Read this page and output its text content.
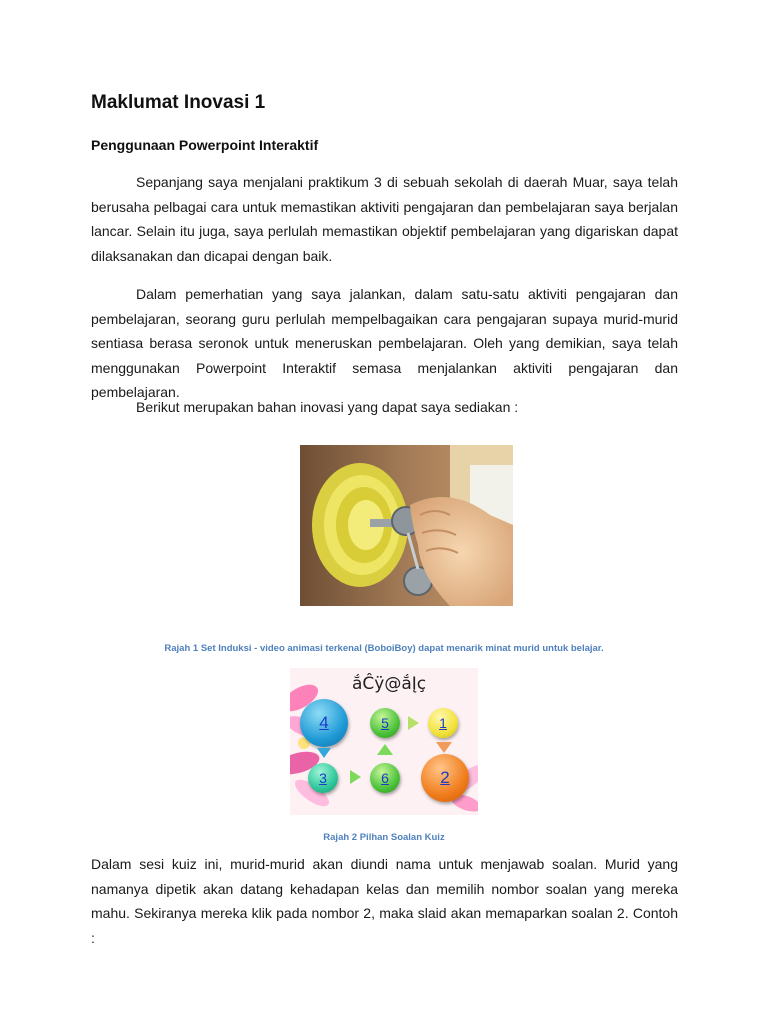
Maklumat Inovasi 1
Penggunaan Powerpoint Interaktif

Sepanjang saya menjalani praktikum 3 di sebuah sekolah di daerah Muar, saya telah berusaha pelbagai cara untuk memastikan aktiviti pengajaran dan pembelajaran saya berjalan lancar. Selain itu juga, saya perlulah memastikan objektif pembelajaran yang digariskan dapat dilaksanakan dan dicapai dengan baik.

Dalam pemerhatian yang saya jalankan, dalam satu-satu aktiviti pengajaran dan pembelajaran, seorang guru perlulah mempelbagaikan cara pengajaran supaya murid-murid sentiasa berasa seronok untuk meneruskan pembelajaran. Oleh yang demikian, saya telah menggunakan Powerpoint Interaktif semasa menjalankan aktiviti pengajaran dan pembelajaran.

Berikut merupakan bahan inovasi yang dapat saya sediakan :

Rajah 1 Set Induksi - video animasi terkenal (BoboiBoy) dapat menarik minat murid untuk belajar.
ắĈÿ@ắĮç
4	5	1
3	6	2
Rajah 2 Pilhan Soalan Kuiz

Dalam sesi kuiz ini, murid-murid akan diundi nama untuk menjawab soalan. Murid yang namanya dipetik akan datang kehadapan kelas dan memilih nombor soalan yang mereka mahu. Sekiranya mereka klik pada nombor 2, maka slaid akan memaparkan soalan 2. Contoh :
